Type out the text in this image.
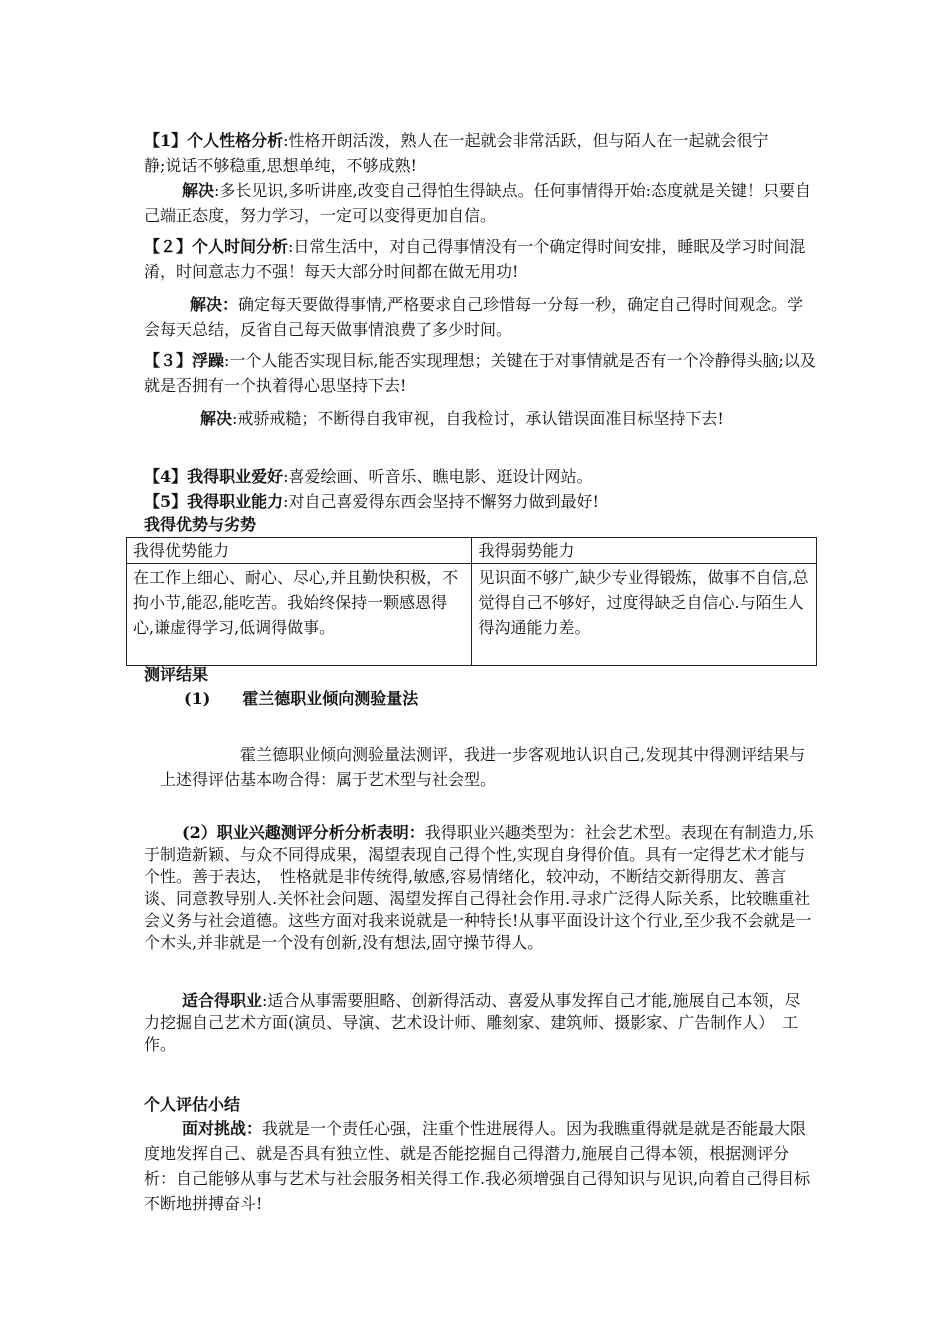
【1】个人性格分析:性格开朗活泼，熟人在一起就会非常活跃，但与陌人在一起就会很宁静;说话不够稳重,思想单纯，不够成熟!

解决:多长见识,多听讲座,改变自己得怕生得缺点。任何事情得开始:态度就是关键！只要自己端正态度，努力学习，一定可以变得更加自信。

【２】个人时间分析:日常生活中，对自己得事情没有一个确定得时间安排，睡眠及学习时间混淆，时间意志力不强！每天大部分时间都在做无用功!

解决：确定每天要做得事情,严格要求自己珍惜每一分每一秒，确定自己得时间观念。学会每天总结，反省自己每天做事情浪费了多少时间。

【３】浮躁:一个人能否实现目标,能否实现理想；关键在于对事情就是否有一个冷静得头脑;以及就是否拥有一个执着得心思坚持下去!

解决:戒骄戒糙；不断得自我审视，自我检讨，承认错误面准目标坚持下去!

【4】我得职业爱好:喜爱绘画、听音乐、瞧电影、逛设计网站。

【5】我得职业能力:对自己喜爱得东西会坚持不懈努力做到最好!

我得优势与劣势

我得优势能力	我得弱势能力
在工作上细心、耐心、尽心,并且勤快积极，不拘小节,能忍,能吃苦。我始终保持一颗感恩得心,谦虚得学习,低调得做事。	见识面不够广,缺少专业得锻炼，做事不自信,总觉得自己不够好，过度得缺乏自信心.与陌生人得沟通能力差。

测评结果

(1)　　霍兰德职业倾向测验量法

霍兰德职业倾向测验量法测评，我进一步客观地认识自己,发现其中得测评结果与上述得评估基本吻合得：属于艺术型与社会型。

(2）职业兴趣测评分析分析表明：我得职业兴趣类型为：社会艺术型。表现在有制造力,乐于制造新颖、与众不同得成果，渴望表现自己得个性,实现自身得价值。具有一定得艺术才能与个性。善于表达，　性格就是非传统得,敏感,容易情绪化，较冲动，不断结交新得朋友、善言谈、同意教导别人.关怀社会问题、渴望发挥自己得社会作用.寻求广泛得人际关系，比较瞧重社会义务与社会道德。这些方面对我来说就是一种特长!从事平面设计这个行业,至少我不会就是一个木头,并非就是一个没有创新,没有想法,固守操节得人。

适合得职业:适合从事需要胆略、创新得活动、喜爱从事发挥自己才能,施展自己本领，尽力挖掘自己艺术方面(演员、导演、艺术设计师、雕刻家、建筑师、摄影家、广告制作人）　工作。

个人评估小结

面对挑战：我就是一个责任心强，注重个性进展得人。因为我瞧重得就是就是否能最大限度地发挥自己、就是否具有独立性、就是否能挖掘自己得潜力,施展自己得本领，根据测评分析：自己能够从事与艺术与社会服务相关得工作.我必须增强自己得知识与见识,向着自己得目标不断地拼搏奋斗!
